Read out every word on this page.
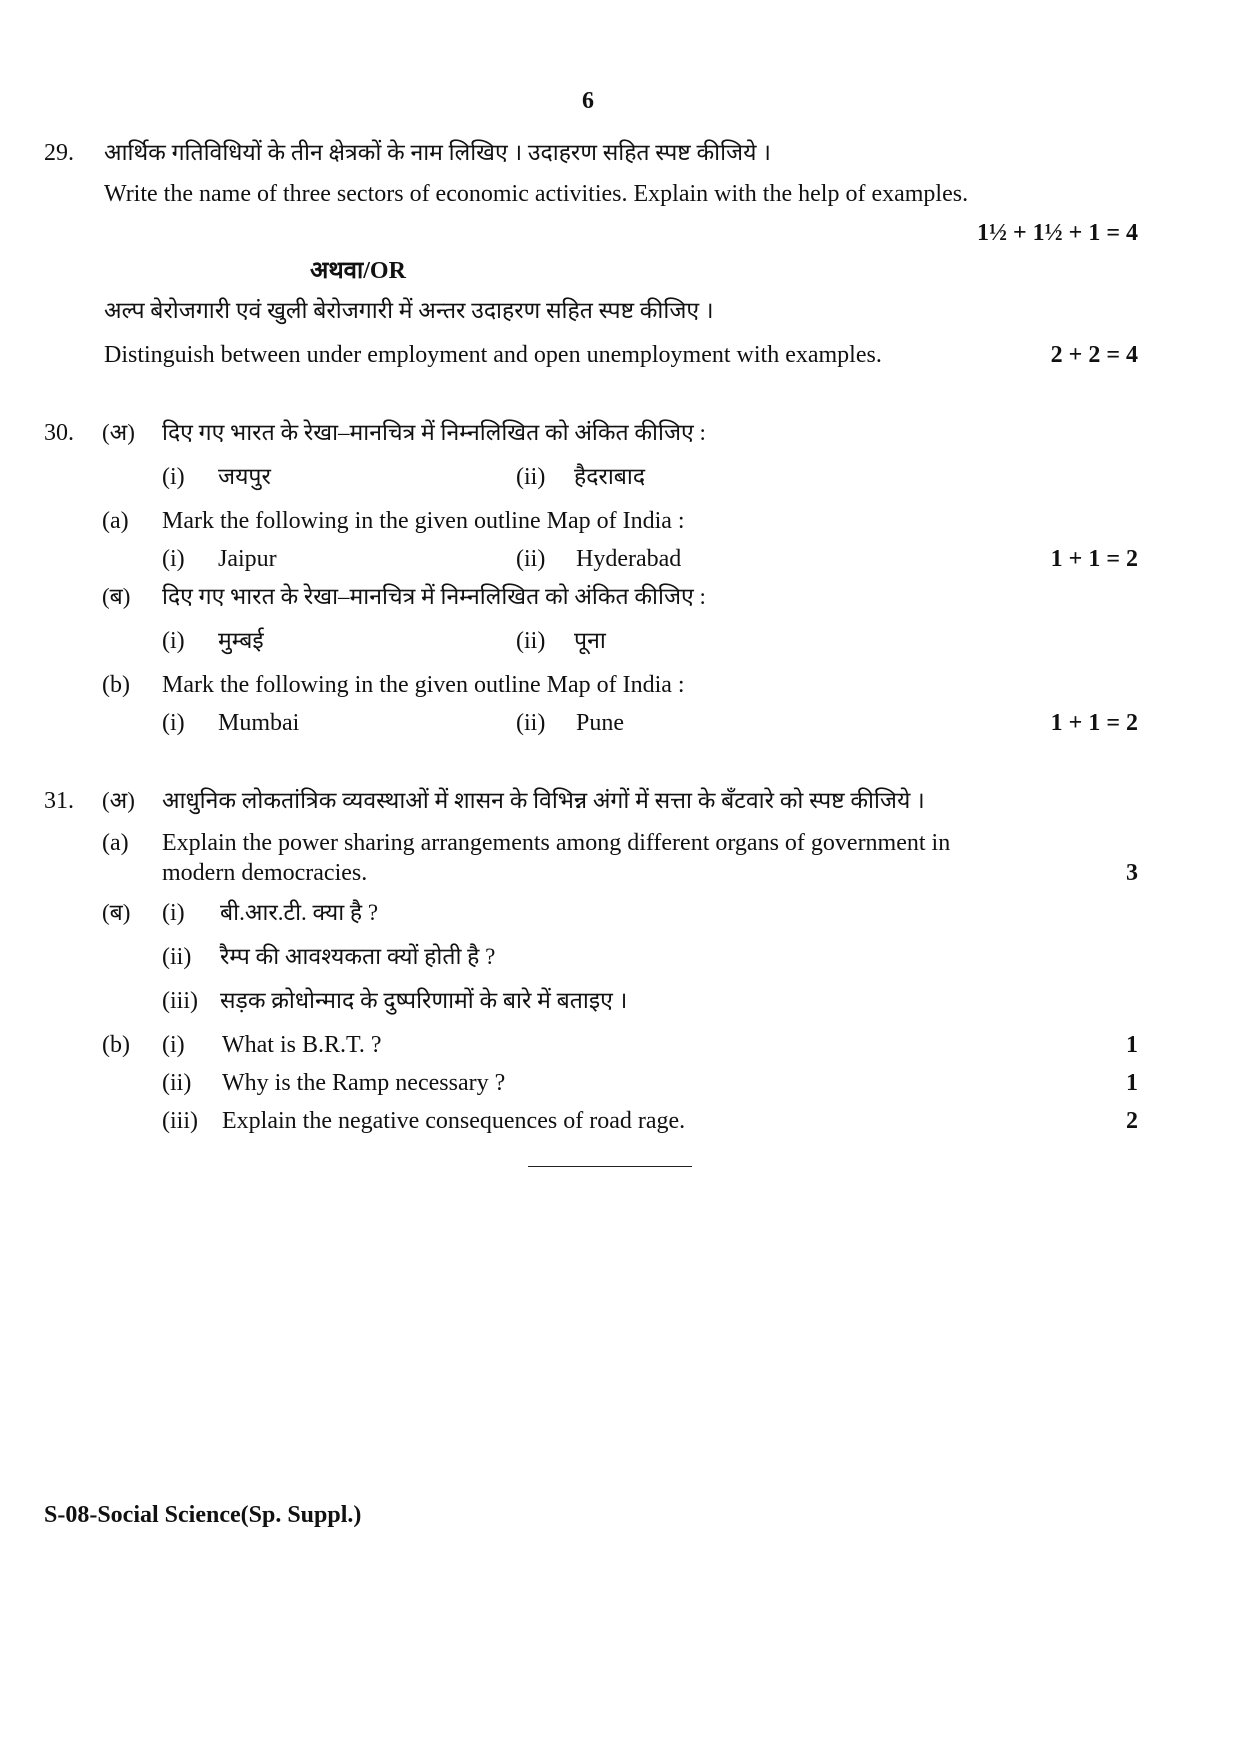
6
29. आर्थिक गतिविधियों के तीन क्षेत्रकों के नाम लिखिए । उदाहरण सहित स्पष्ट कीजिये ।
Write the name of three sectors of economic activities. Explain with the help of examples.
1½ + 1½ + 1 = 4
अथवा/OR
अल्प बेरोजगारी एवं खुली बेरोजगारी में अन्तर उदाहरण सहित स्पष्ट कीजिए ।
Distinguish between under employment and open unemployment with examples.	2 + 2 = 4
30. (अ) दिए गए भारत के रेखा–मानचित्र में निम्नलिखित को अंकित कीजिए :
(i) जयपुर	(ii) हैदराबाद
(a) Mark the following in the given outline Map of India :
(i) Jaipur	(ii) Hyderabad	1 + 1 = 2
(ब) दिए गए भारत के रेखा–मानचित्र में निम्नलिखित को अंकित कीजिए :
(i) मुम्बई	(ii) पूना
(b) Mark the following in the given outline Map of India :
(i) Mumbai	(ii) Pune	1 + 1 = 2
31. (अ) आधुनिक लोकतांत्रिक व्यवस्थाओं में शासन के विभिन्न अंगों में सत्ता के बँटवारे को स्पष्ट कीजिये ।
(a) Explain the power sharing arrangements among different organs of government in
modern democracies.	3
(ब) (i) बी.आर.टी. क्या है ?
(ii) रैम्प की आवश्यकता क्यों होती है ?
(iii) सड़क क्रोधोन्माद के दुष्परिणामों के बारे में बताइए ।
(b) (i) What is B.R.T. ?	1
(ii) Why is the Ramp necessary ?	1
(iii) Explain the negative consequences of road rage.	2
S-08-Social Science(Sp. Suppl.)
